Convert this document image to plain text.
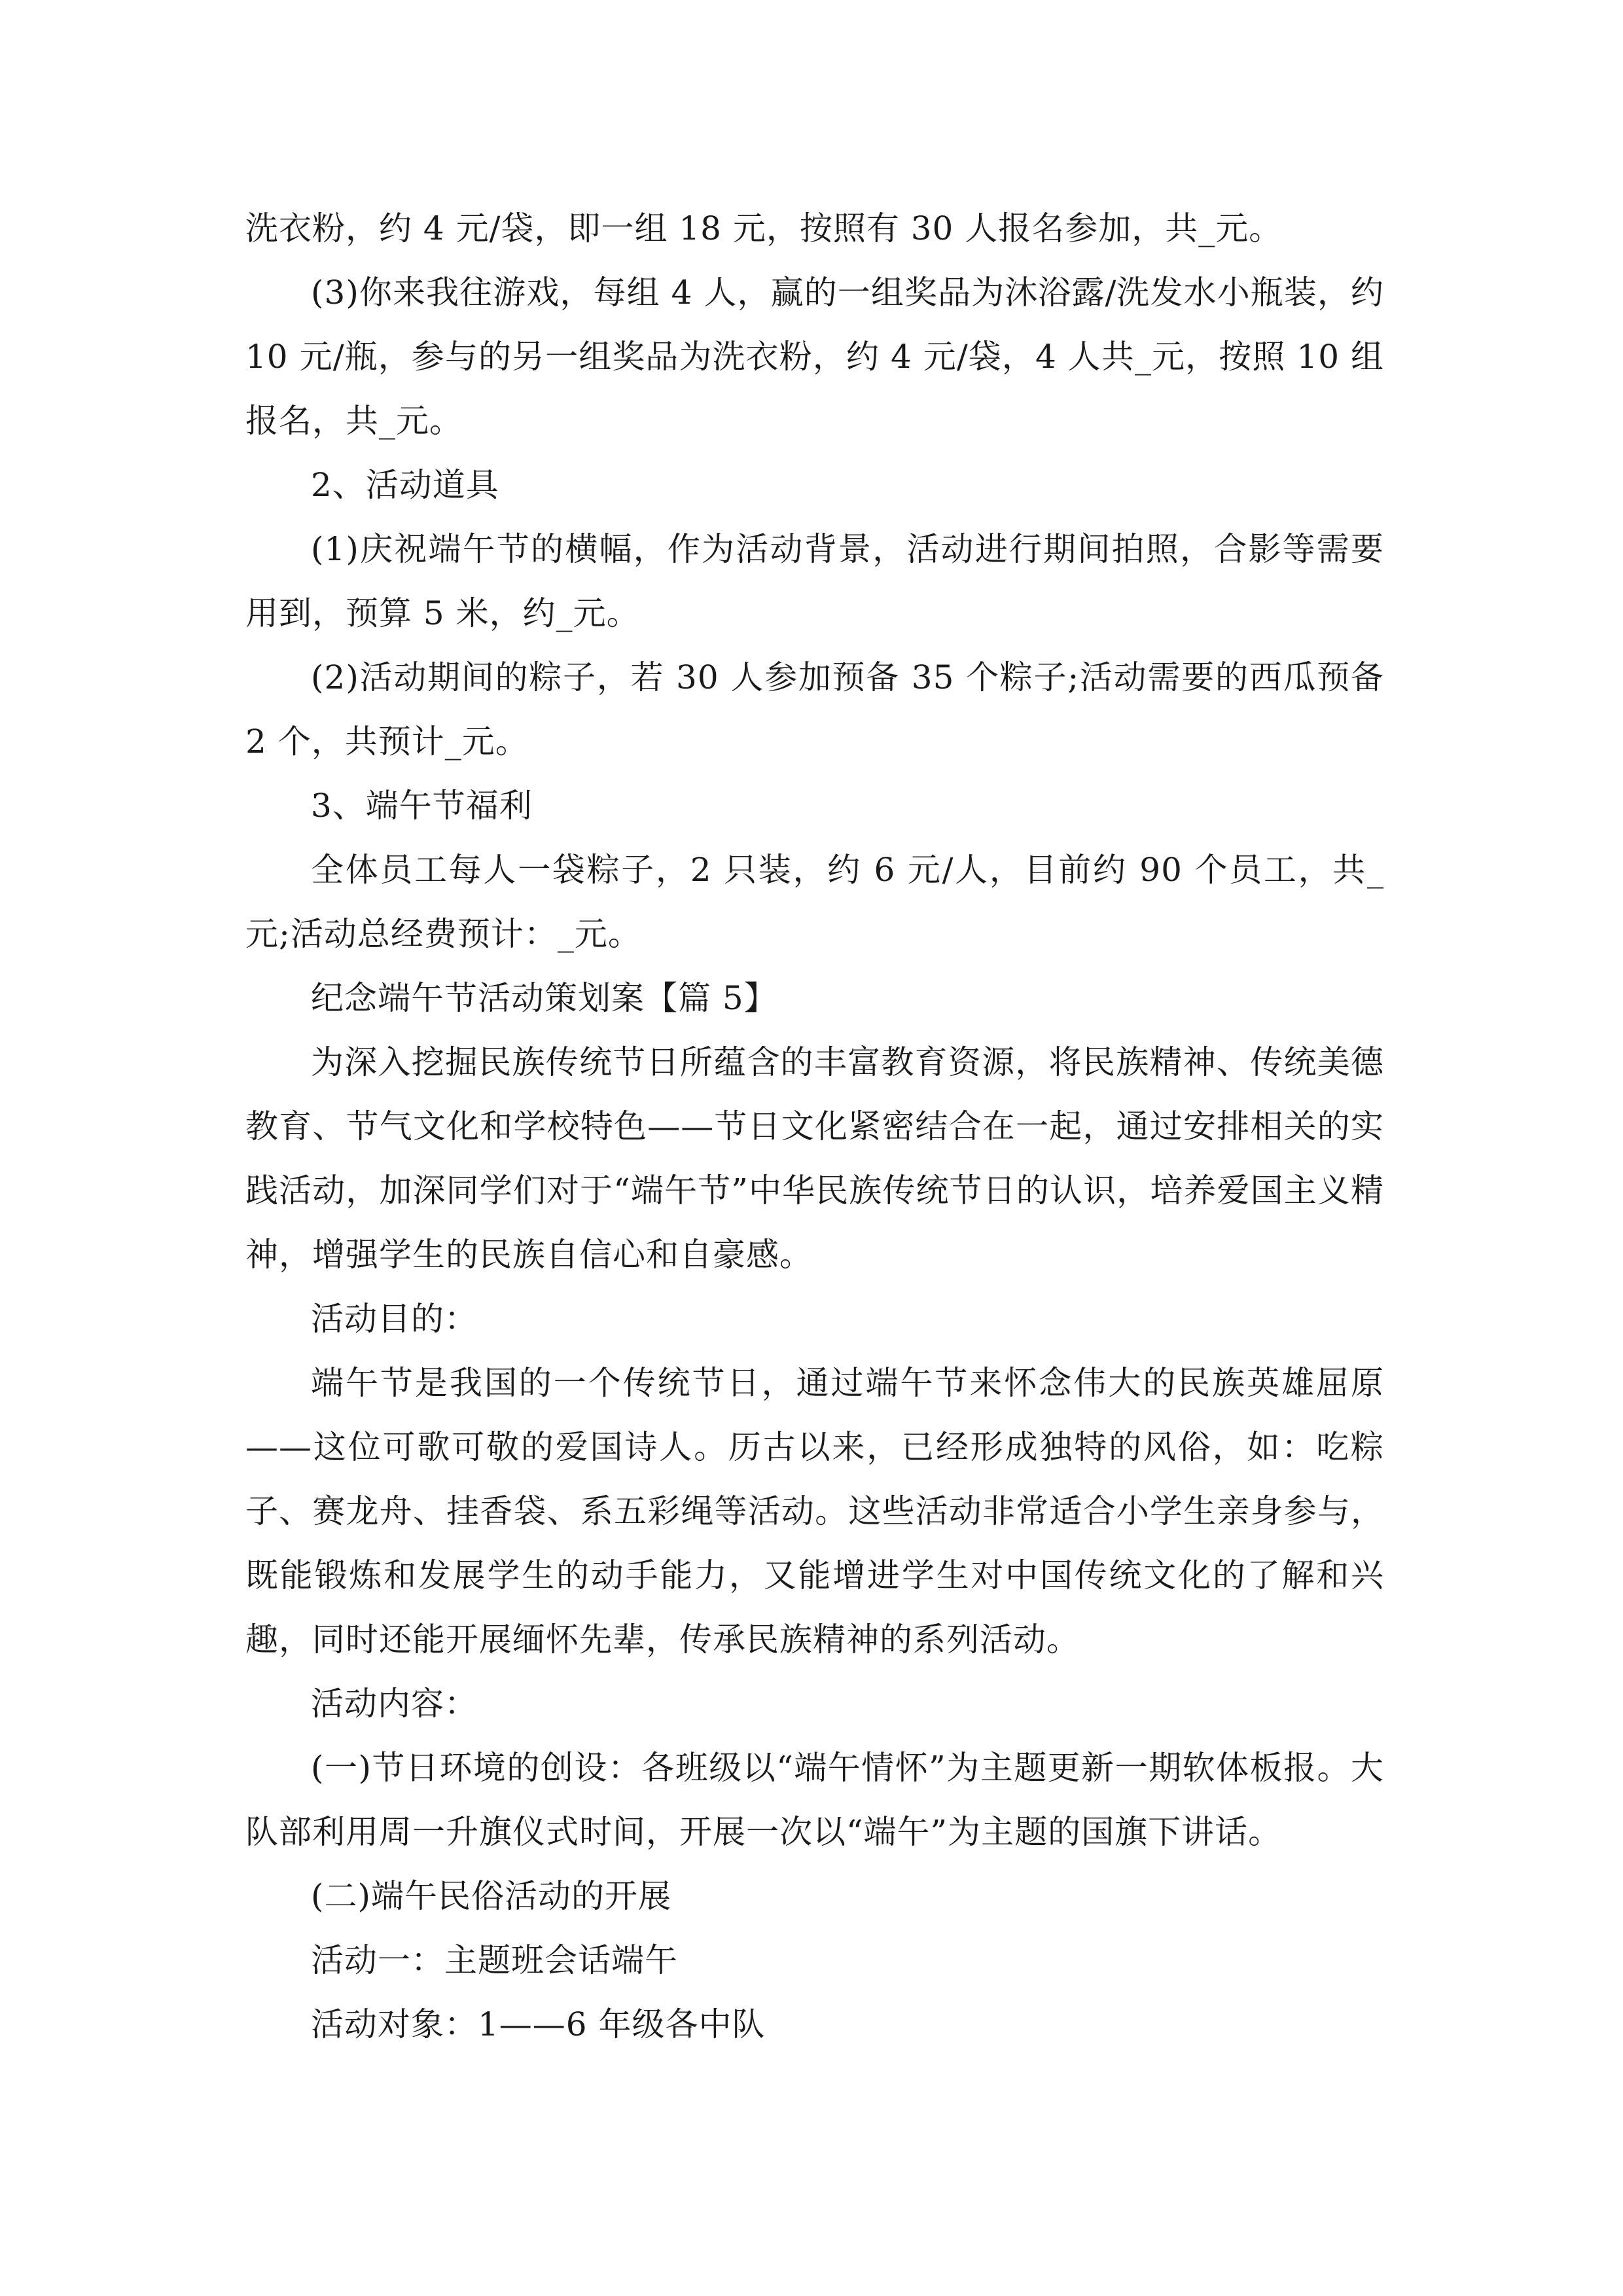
洗衣粉，约 4 元/袋，即一组 18 元，按照有 30 人报名参加，共_元。

(3)你来我往游戏，每组 4 人，赢的一组奖品为沐浴露/洗发水小瓶装，约 10 元/瓶，参与的另一组奖品为洗衣粉，约 4 元/袋，4 人共_元，按照 10 组报名，共_元。

2、活动道具

(1)庆祝端午节的横幅，作为活动背景，活动进行期间拍照，合影等需要用到，预算 5 米，约_元。

(2)活动期间的粽子，若 30 人参加预备 35 个粽子;活动需要的西瓜预备 2 个，共预计_元。

3、端午节福利

全体员工每人一袋粽子，2 只装，约 6 元/人，目前约 90 个员工，共_元;活动总经费预计：_元。

纪念端午节活动策划案【篇 5】

为深入挖掘民族传统节日所蕴含的丰富教育资源，将民族精神、传统美德教育、节气文化和学校特色——节日文化紧密结合在一起，通过安排相关的实践活动，加深同学们对于“端午节”中华民族传统节日的认识，培养爱国主义精神，增强学生的民族自信心和自豪感。

活动目的：

端午节是我国的一个传统节日，通过端午节来怀念伟大的民族英雄屈原——这位可歌可敬的爱国诗人。历古以来，已经形成独特的风俗，如：吃粽子、赛龙舟、挂香袋、系五彩绳等活动。这些活动非常适合小学生亲身参与，既能锻炼和发展学生的动手能力，又能增进学生对中国传统文化的了解和兴趣，同时还能开展缅怀先辈，传承民族精神的系列活动。

活动内容：

(一)节日环境的创设：各班级以“端午情怀”为主题更新一期软体板报。大队部利用周一升旗仪式时间，开展一次以“端午”为主题的国旗下讲话。

(二)端午民俗活动的开展

活动一：主题班会话端午

活动对象：1——6 年级各中队
